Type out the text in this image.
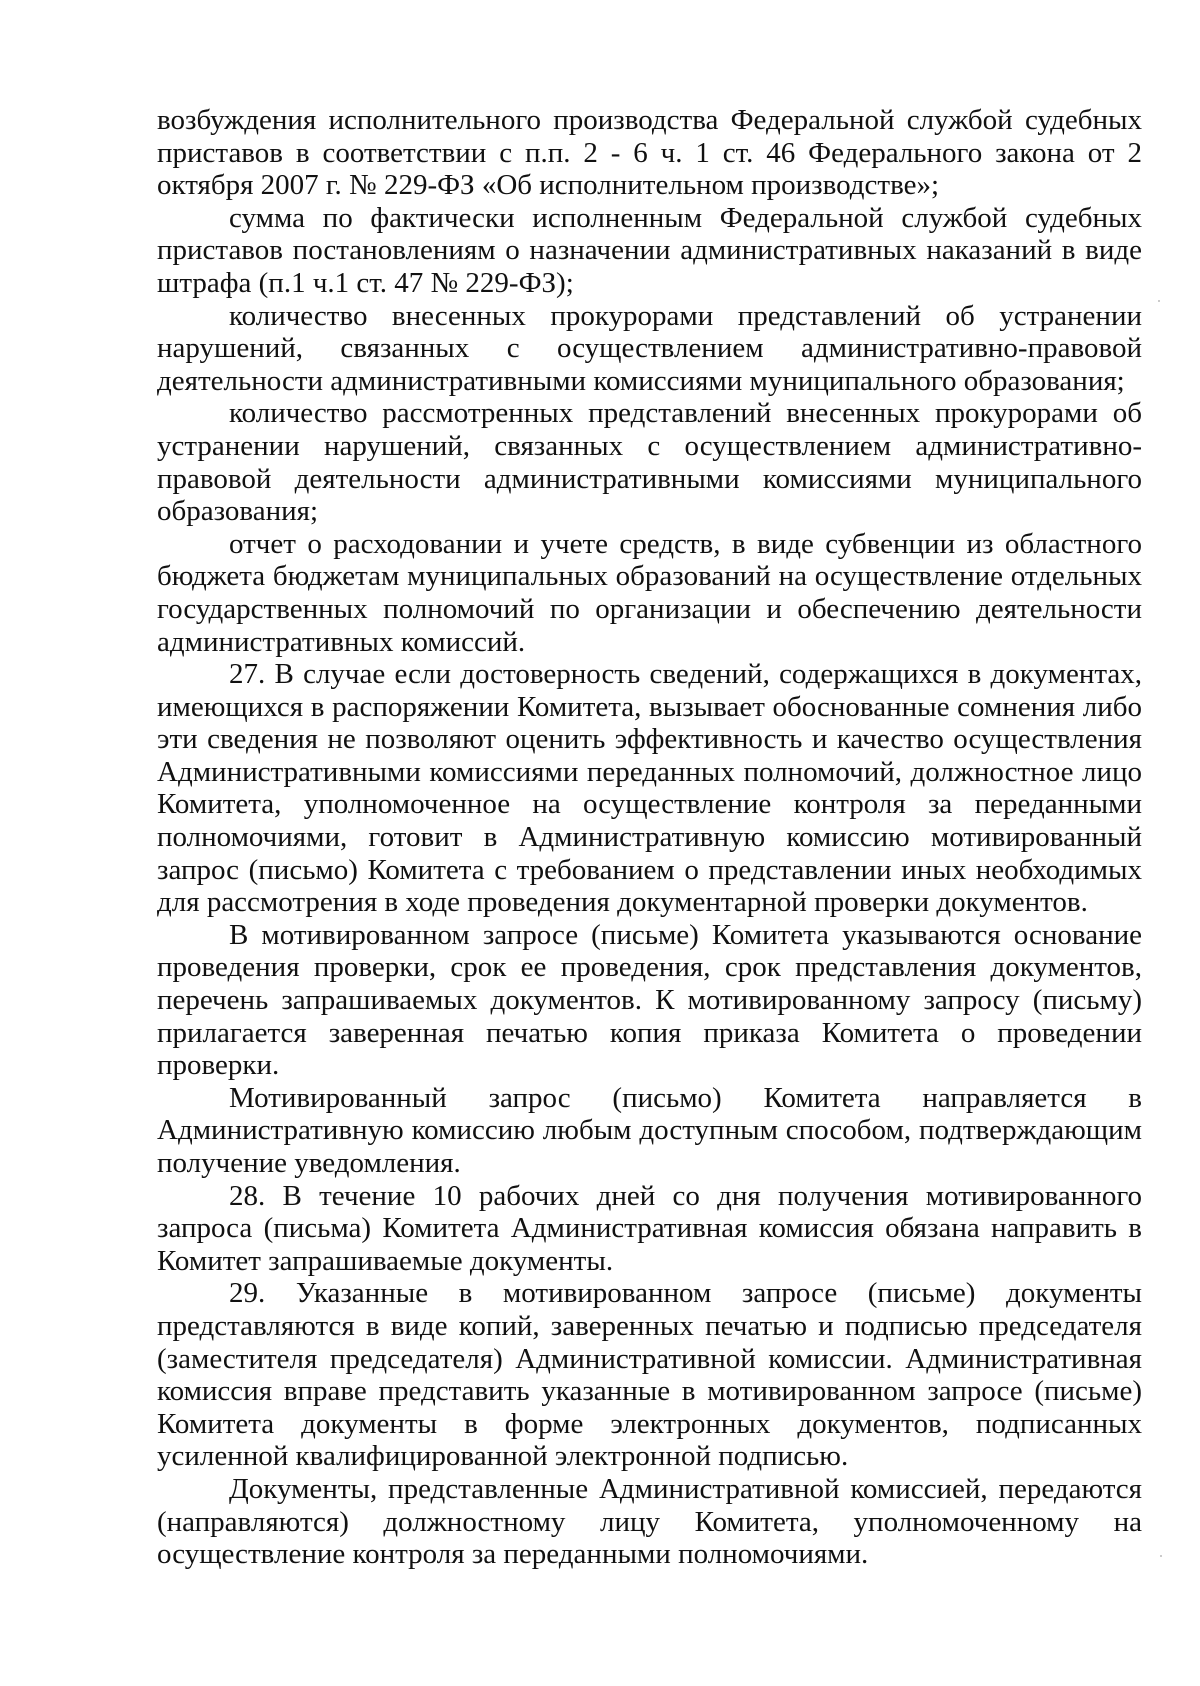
возбуждения исполнительного производства Федеральной службой судебных приставов в соответствии с п.п. 2 - 6 ч. 1 ст. 46 Федерального закона от 2 октября 2007 г. № 229-ФЗ «Об исполнительном производстве»;

сумма по фактически исполненным Федеральной службой судебных приставов постановлениям о назначении административных наказаний в виде штрафа (п.1 ч.1 ст. 47 № 229-ФЗ);

количество внесенных прокурорами представлений об устранении нарушений, связанных с осуществлением административно-правовой деятельности административными комиссиями муниципального образования;

количество рассмотренных представлений внесенных прокурорами об устранении нарушений, связанных с осуществлением административно-правовой деятельности административными комиссиями муниципального образования;

отчет о расходовании и учете средств, в виде субвенции из областного бюджета бюджетам муниципальных образований на осуществление отдельных государственных полномочий по организации и обеспечению деятельности административных комиссий.

27. В случае если достоверность сведений, содержащихся в документах, имеющихся в распоряжении Комитета, вызывает обоснованные сомнения либо эти сведения не позволяют оценить эффективность и качество осуществления Административными комиссиями переданных полномочий, должностное лицо Комитета, уполномоченное на осуществление контроля за переданными полномочиями, готовит в Административную комиссию мотивированный запрос (письмо) Комитета с требованием о представлении иных необходимых для рассмотрения в ходе проведения документарной проверки документов.

В мотивированном запросе (письме) Комитета указываются основание проведения проверки, срок ее проведения, срок представления документов, перечень запрашиваемых документов. К мотивированному запросу (письму) прилагается заверенная печатью копия приказа Комитета о проведении проверки.

Мотивированный запрос (письмо) Комитета направляется в Административную комиссию любым доступным способом, подтверждающим получение уведомления.

28. В течение 10 рабочих дней со дня получения мотивированного запроса (письма) Комитета Административная комиссия обязана направить в Комитет запрашиваемые документы.

29. Указанные в мотивированном запросе (письме) документы представляются в виде копий, заверенных печатью и подписью председателя (заместителя председателя) Административной комиссии. Административная комиссия вправе представить указанные в мотивированном запросе (письме) Комитета документы в форме электронных документов, подписанных усиленной квалифицированной электронной подписью.

Документы, представленные Административной комиссией, передаются (направляются) должностному лицу Комитета, уполномоченному на осуществление контроля за переданными полномочиями.
